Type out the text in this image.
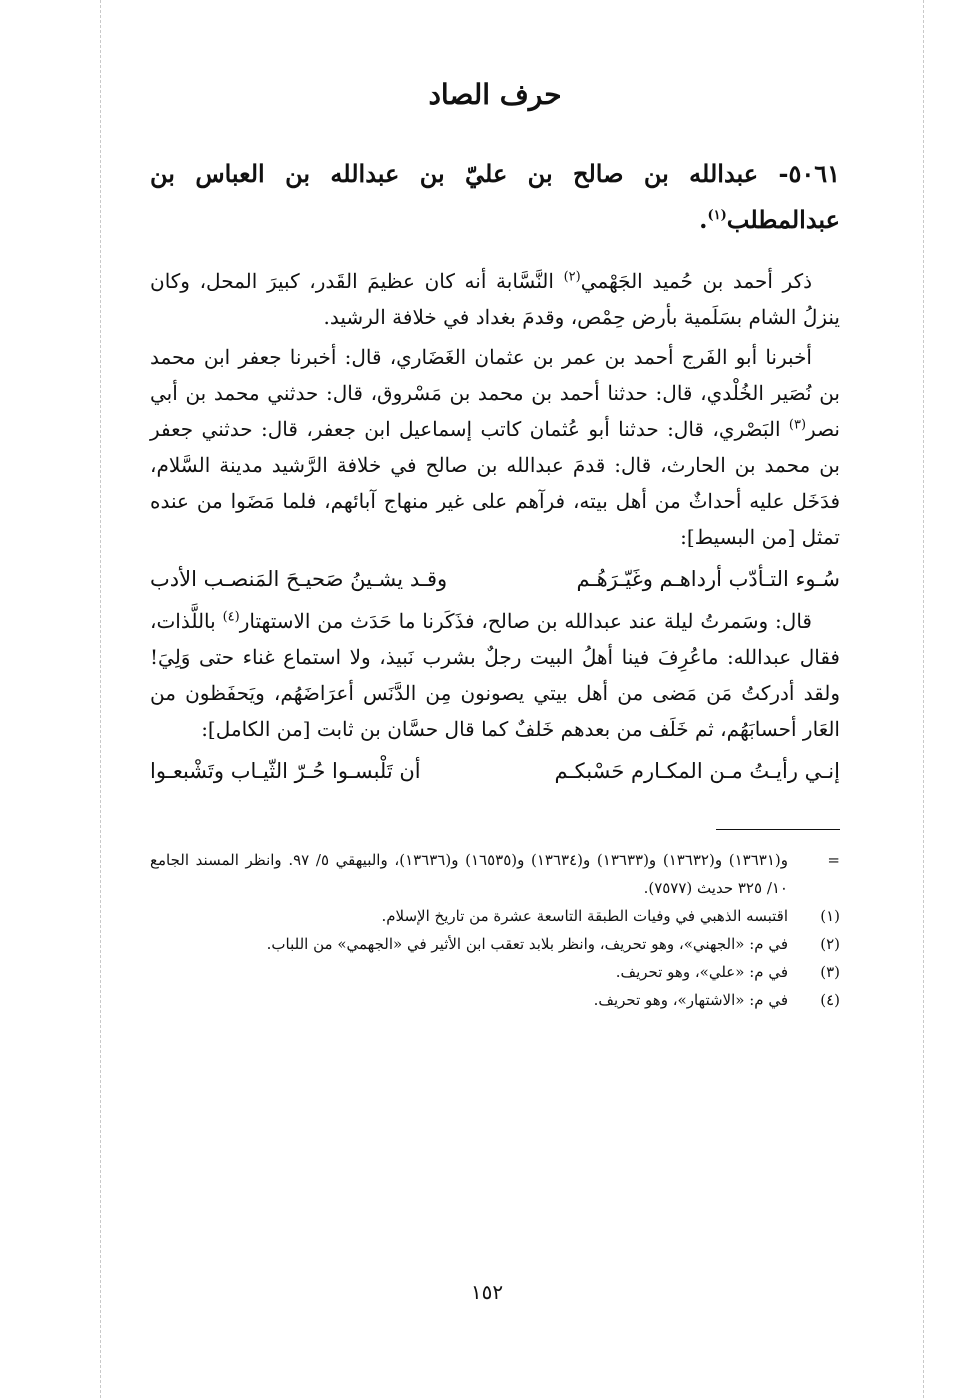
حرف الصاد
٥٠٦١- عبدالله بن صالح بن عليّ بن عبدالله بن العباس بن عبدالمطلب$^{(١)}$.

ذكر أحمد بن حُميد الجَهْمي$^{(٢)}$ النَّسَّابة أنه كان عظيمَ القَدر، كبيرَ المحل، وكان ينزلُ الشام بسَلَمية بأرض حِمْص، وقدمَ بغداد في خلافة الرشيد.

أخبرنا أبو الفَرج أحمد بن عمر بن عثمان الغَضَاري، قال: أخبرنا جعفر ابن محمد بن نُصَير الخُلْدي، قال: حدثنا أحمد بن محمد بن مَسْروق، قال: حدثني محمد بن أبي نصر$^{(٣)}$ البَصْري، قال: حدثنا أبو عُثمان كاتب إسماعيل ابن جعفر، قال: حدثني جعفر بن محمد بن الحارث، قال: قدمَ عبدالله بن صالح في خلافة الرَّشيد مدينة السَّلام، فدَخَل عليه أحداثٌ من أهل بيته، فرآهم على غير منهاج آبائهم، فلما مَضَوا من عنده تمثل [من البسيط]:

سُـوء التـأدّب أرداهـم وغَيّـرَهُـم
وقـد يشـينُ صَحيـحَ المَنصـب الأدب

قال: وسَمرتُ ليلة عند عبدالله بن صالح، فذَكَرنا ما حَدَث من الاستهتار$^{(٤)}$ باللَّذات، فقال عبدالله: ماعُرِفَ فينا أهلُ البيت رجلٌ بشرب نَبيذ، ولا استماع غناء حتى وَلِيَ! ولقد أدركتُ مَن مَضى من أهل بيتي يصونون مِن الدَّنَس أعرَاضَهُم، ويَحفَظون من العَار أحسابَهُم، ثم خَلَف من بعدهم خَلفٌ كما قال حسَّان بن ثابت [من الكامل]:

إنـي رأيـتُ مـن المكـارم حَسْبكـم
أن تَلْبسـوا حُـرّ الثّيـاب وتَشْبعـوا
=
و(١٣٦٣١) و(١٣٦٣٢) و(١٣٦٣٣) و(١٣٦٣٤) و(١٦٥٣٥) و(١٣٦٣٦)، والبيهقي ٥/ ٩٧. وانظر المسند الجامع ١٠/ ٣٢٥ حديث (٧٥٧٧).
(١)
اقتبسه الذهبي في وفيات الطبقة التاسعة عشرة من تاريخ الإسلام.
(٢)
في م: «الجهني»، وهو تحريف، وانظر بلابد تعقب ابن الأثير في «الجهمي» من اللباب.
(٣)
في م: «علي»، وهو تحريف.
(٤)
في م: «الاشتهار»، وهو تحريف.
١٥٢
